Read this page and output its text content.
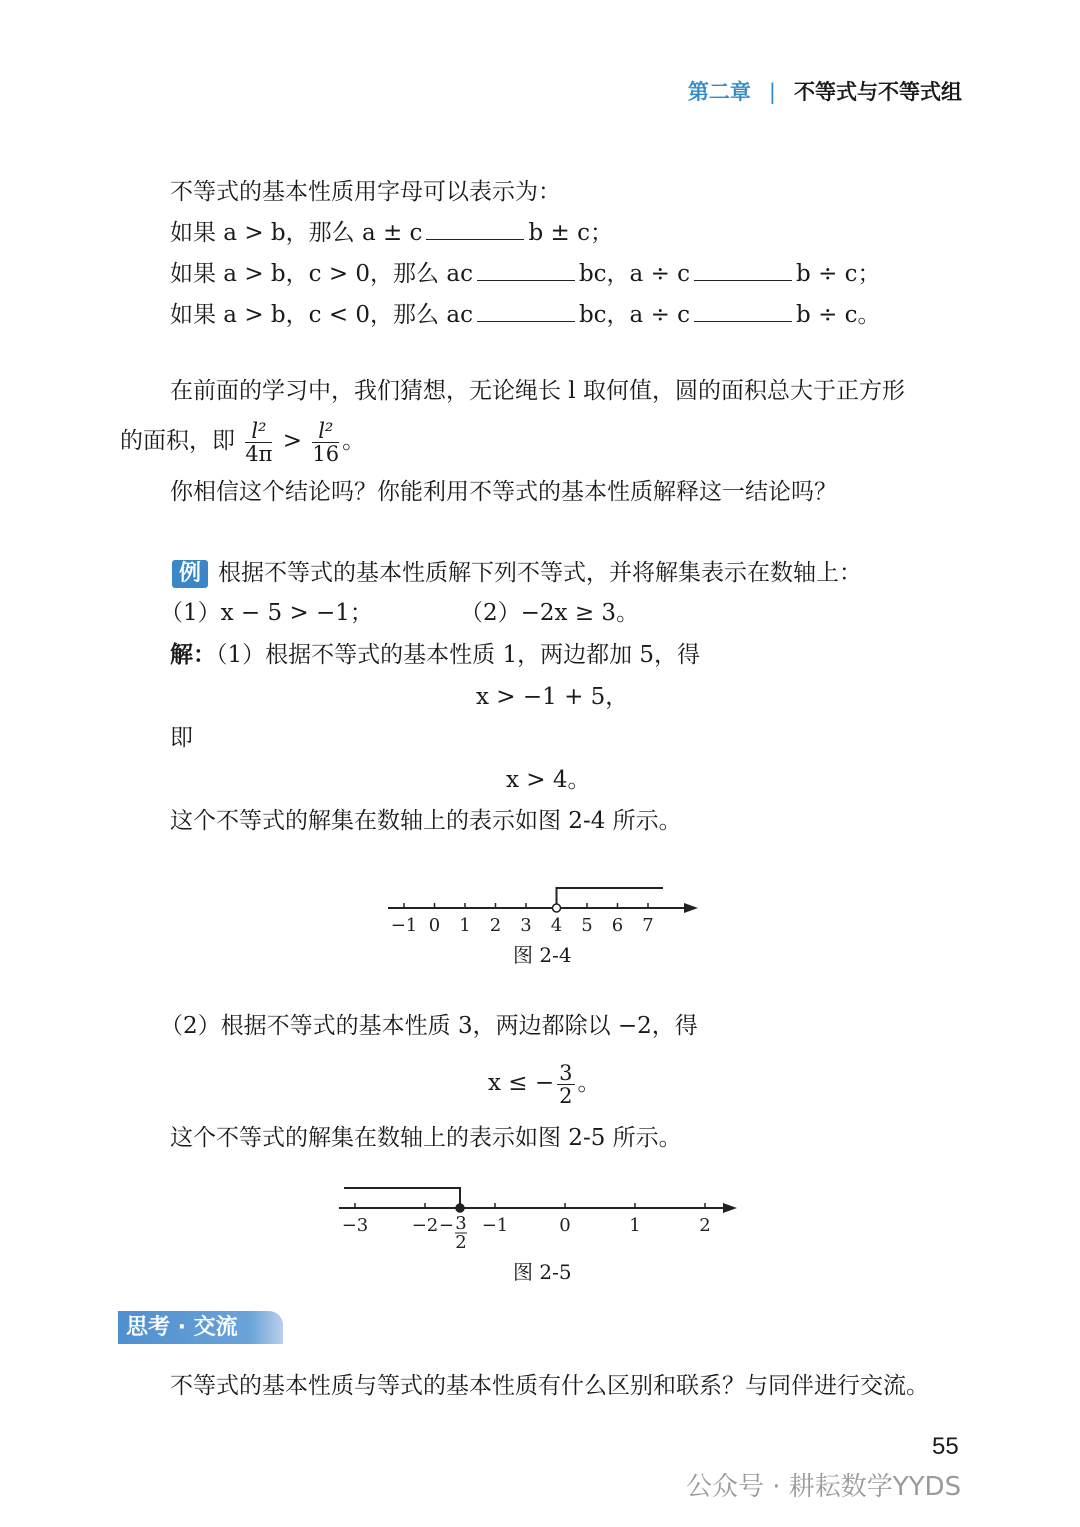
第二章 | 不等式与不等式组
不等式的基本性质用字母可以表示为：
如果 a > b，那么 a ± c	b ± c；
如果 a > b，c > 0，那么 ac	bc，a ÷ c	b ÷ c；
如果 a > b，c < 0，那么 ac	bc，a ÷ c	b ÷ c。
在前面的学习中，我们猜想，无论绳长 l 取何值，圆的面积总大于正方形
的面积，即 $\frac{\text{l²}}{4\pi} > \frac{\text{l²}}{16}$ 。
你相信这个结论吗？你能利用不等式的基本性质解释这一结论吗？
例 根据不等式的基本性质解下列不等式，并将解集表示在数轴上：
（1）x − 5 > −1；	（2）−2x ≥ 3。
解：（1）根据不等式的基本性质 1，两边都加 5，得
x > −1 + 5，
即
x > 4。
这个不等式的解集在数轴上的表示如图 2-4 所示。
−1 0 1 2 3 4 5 6 7
图 2-4
（2）根据不等式的基本性质 3，两边都除以 −2，得
x ≤ − $\frac{3}{2}$ 。
这个不等式的解集在数轴上的表示如图 2-5 所示。
−3 −2 −1	0	1	2
− 3
2
图 2-5
思考 · 交流
不等式的基本性质与等式的基本性质有什么区别和联系？与同伴进行交流。
55
公众号 · 耕耘数学YYDS
